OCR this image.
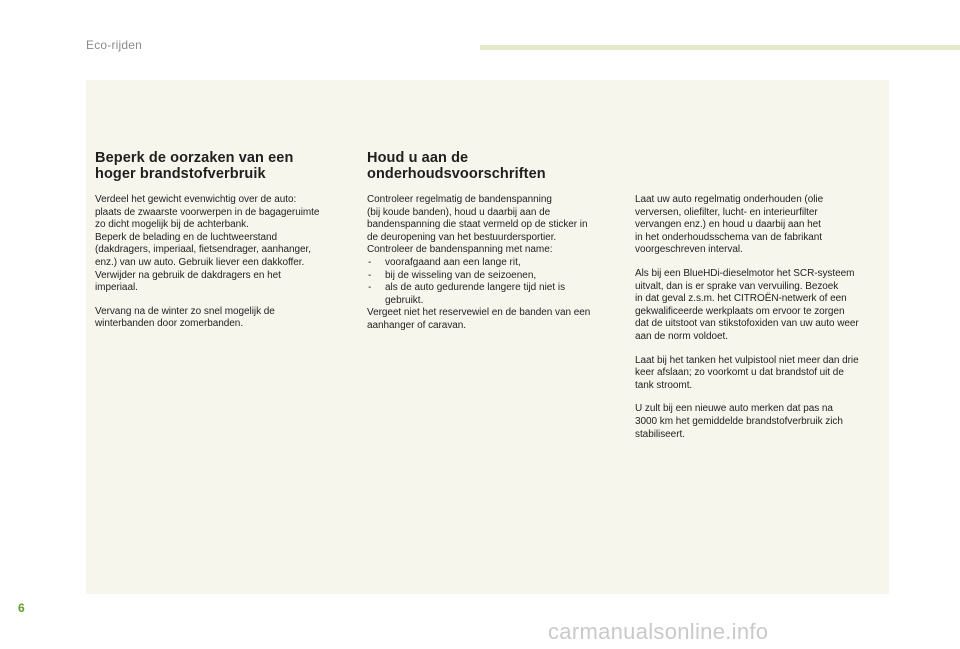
Eco-rijden
Beperk de oorzaken van een
hoger brandstofverbruik

Verdeel het gewicht evenwichtig over de auto:
plaats de zwaarste voorwerpen in de bagageruimte
zo dicht mogelijk bij de achterbank.
Beperk de belading en de luchtweerstand
(dakdragers, imperiaal, fietsendrager, aanhanger,
enz.) van uw auto. Gebruik liever een dakkoffer.
Verwijder na gebruik de dakdragers en het
imperiaal.

Vervang na de winter zo snel mogelijk de
winterbanden door zomerbanden.

Houd u aan de
onderhoudsvoorschriften

Controleer regelmatig de bandenspanning
(bij koude banden), houd u daarbij aan de
bandenspanning die staat vermeld op de sticker in
de deuropening van het bestuurdersportier.
Controleer de bandenspanning met name:

- voorafgaand aan een lange rit,
- bij de wisseling van de seizoenen,
- als de auto gedurende langere tijd niet is
gebruikt.

Vergeet niet het reservewiel en de banden van een
aanhanger of caravan.

Laat uw auto regelmatig onderhouden (olie
verversen, oliefilter, lucht- en interieurfilter
vervangen enz.) en houd u daarbij aan het
in het onderhoudsschema van de fabrikant
voorgeschreven interval.

Als bij een BlueHDi-dieselmotor het SCR-systeem
uitvalt, dan is er sprake van vervuiling. Bezoek
in dat geval z.s.m. het CITROËN-netwerk of een
gekwalificeerde werkplaats om ervoor te zorgen
dat de uitstoot van stikstofoxiden van uw auto weer
aan de norm voldoet.

Laat bij het tanken het vulpistool niet meer dan drie
keer afslaan; zo voorkomt u dat brandstof uit de
tank stroomt.

U zult bij een nieuwe auto merken dat pas na
3000 km het gemiddelde brandstofverbruik zich
stabiliseert.

6
carmanualsonline.info
